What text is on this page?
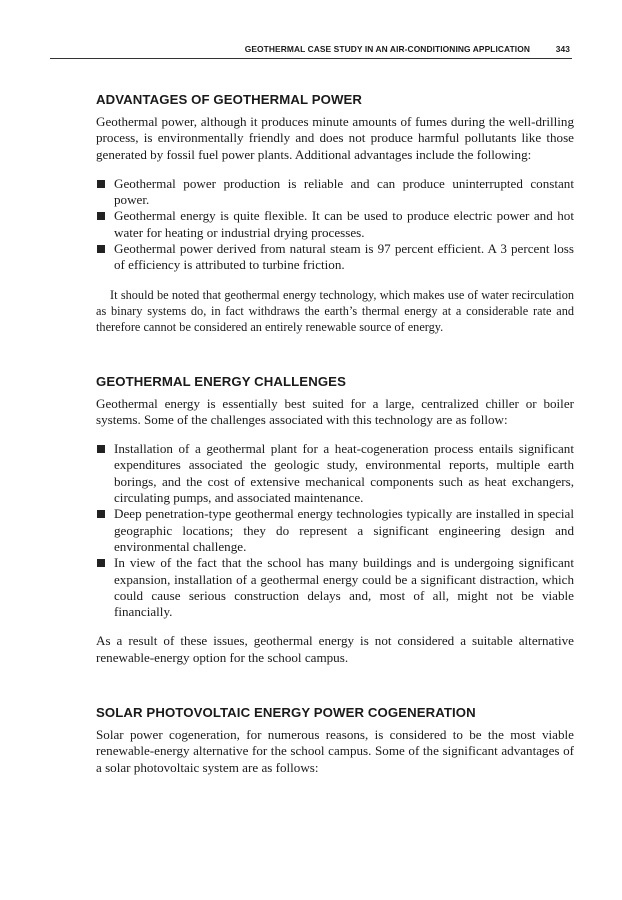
GEOTHERMAL CASE STUDY IN AN AIR-CONDITIONING APPLICATION	343
ADVANTAGES OF GEOTHERMAL POWER

Geothermal power, although it produces minute amounts of fumes during the well-drilling process, is environmentally friendly and does not produce harmful pollutants like those generated by fossil fuel power plants. Additional advantages include the following:

Geothermal power production is reliable and can produce uninterrupted constant power.
Geothermal energy is quite flexible. It can be used to produce electric power and hot water for heating or industrial drying processes.
Geothermal power derived from natural steam is 97 percent efficient. A 3 percent loss of efficiency is attributed to turbine friction.

It should be noted that geothermal energy technology, which makes use of water recirculation as binary systems do, in fact withdraws the earth’s thermal energy at a considerable rate and therefore cannot be considered an entirely renewable source of energy.

GEOTHERMAL ENERGY CHALLENGES

Geothermal energy is essentially best suited for a large, centralized chiller or boiler systems. Some of the challenges associated with this technology are as follow:

Installation of a geothermal plant for a heat-cogeneration process entails significant expenditures associated the geologic study, environmental reports, multiple earth borings, and the cost of extensive mechanical components such as heat exchangers, circulating pumps, and associated maintenance.
Deep penetration-type geothermal energy technologies typically are installed in special geographic locations; they do represent a significant engineering design and environmental challenge.
In view of the fact that the school has many buildings and is undergoing significant expansion, installation of a geothermal energy could be a significant distraction, which could cause serious construction delays and, most of all, might not be viable financially.

As a result of these issues, geothermal energy is not considered a suitable alternative renewable-energy option for the school campus.

SOLAR PHOTOVOLTAIC ENERGY POWER COGENERATION

Solar power cogeneration, for numerous reasons, is considered to be the most viable renewable-energy alternative for the school campus. Some of the significant advantages of a solar photovoltaic system are as follows:
